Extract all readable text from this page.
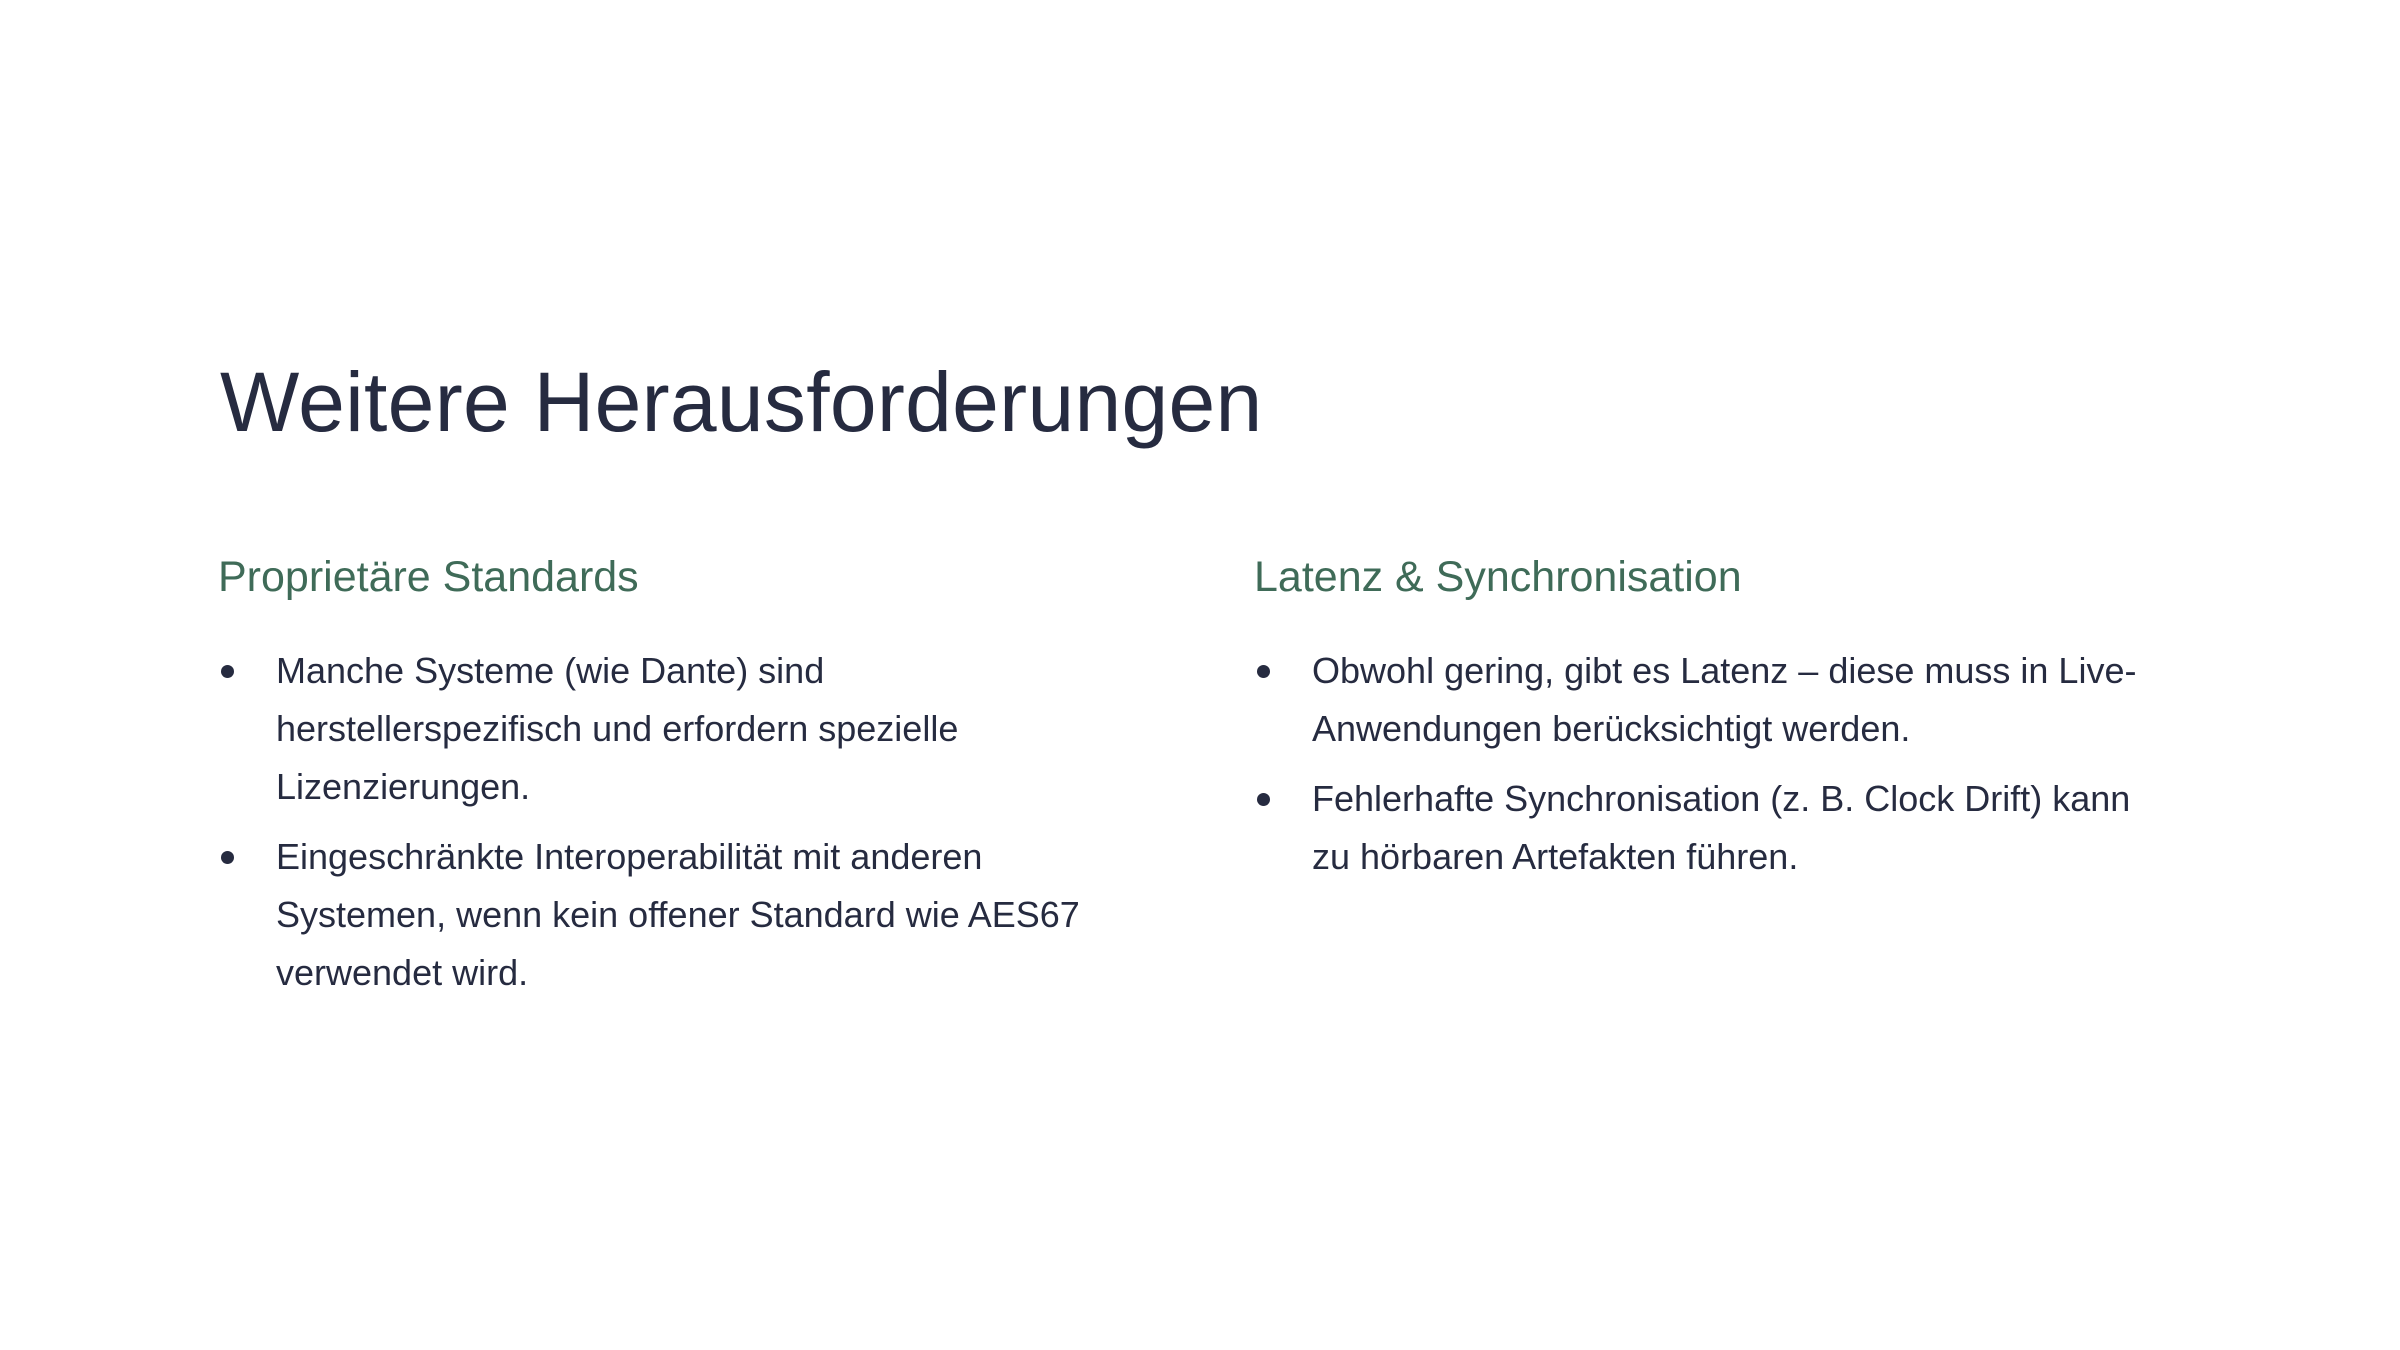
Weitere Herausforderungen
Proprietäre Standards
Manche Systeme (wie Dante) sind herstellerspezifisch und erfordern spezielle Lizenzierungen.
Eingeschränkte Interoperabilität mit anderen Systemen, wenn kein offener Standard wie AES67 verwendet wird.
Latenz & Synchronisation
Obwohl gering, gibt es Latenz – diese muss in Live-Anwendungen berücksichtigt werden.
Fehlerhafte Synchronisation (z. B. Clock Drift) kann zu hörbaren Artefakten führen.
